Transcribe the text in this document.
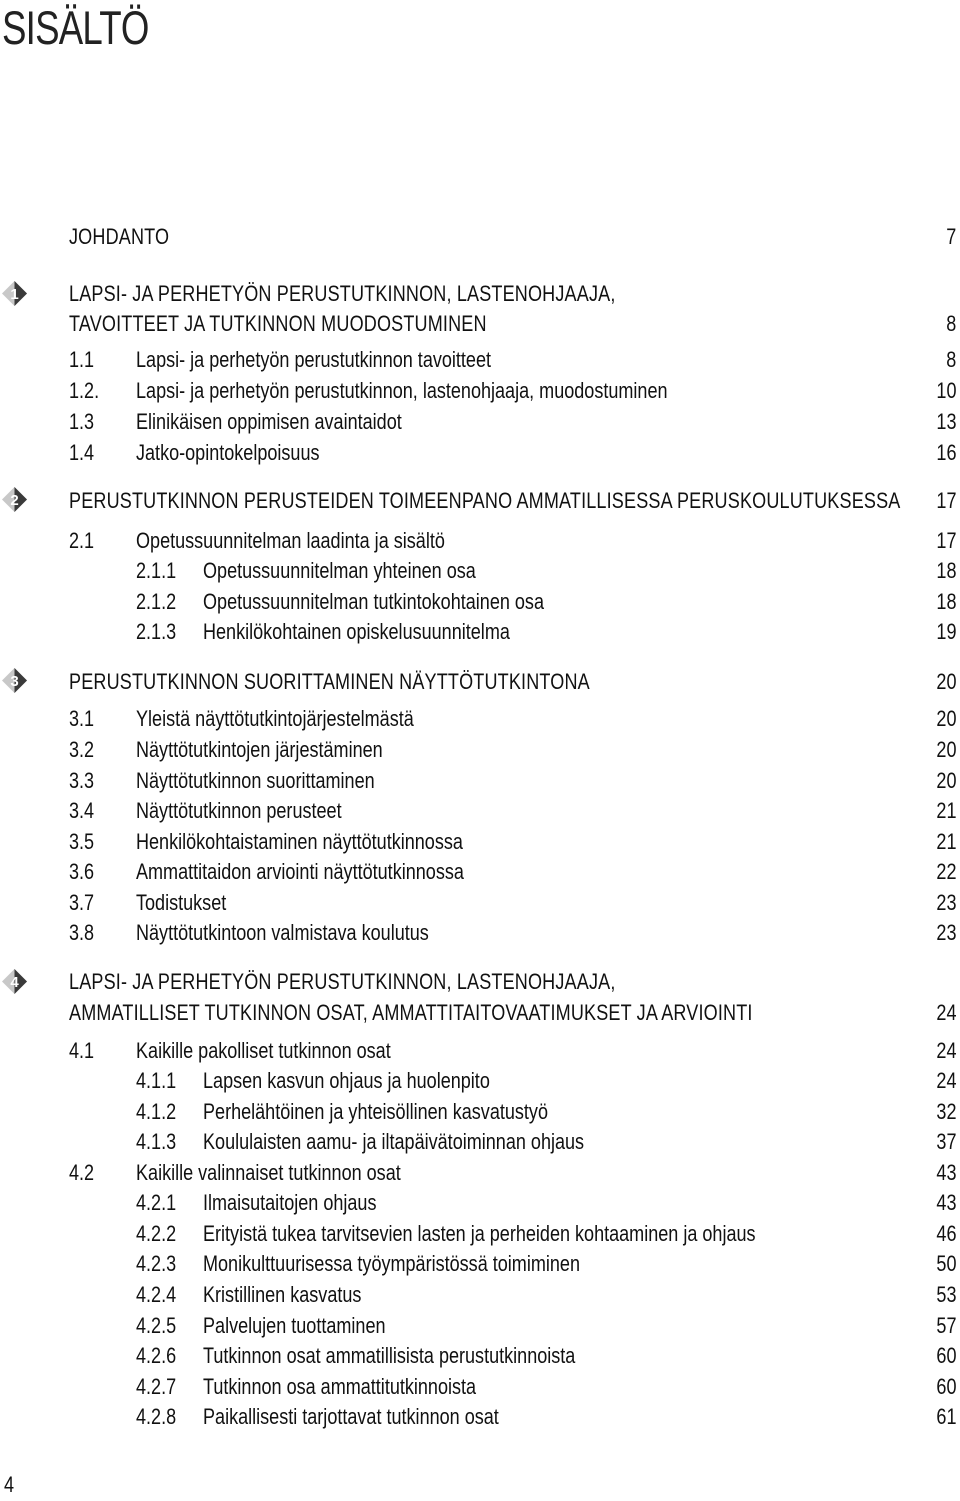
SISÄLTÖ
JOHDANTO	7
1 LAPSI- JA PERHETYÖN PERUSTUTKINNON, LASTENOHJAAJA,
TAVOITTEET JA TUTKINNON MUODOSTUMINEN	8
1.1 Lapsi- ja perhetyön perustutkinnon tavoitteet	8
1.2. Lapsi- ja perhetyön perustutkinnon, lastenohjaaja, muodostuminen	10
1.3 Elinikäisen oppimisen avaintaidot	13
1.4 Jatko-opintokelpoisuus	16
2 PERUSTUTKINNON PERUSTEIDEN TOIMEENPANO AMMATILLISESSA PERUSKOULUTUKSESSA 17
2.1 Opetussuunnitelman laadinta ja sisältö	17
2.1.1 Opetussuunnitelman yhteinen osa	18
2.1.2 Opetussuunnitelman tutkintokohtainen osa	18
2.1.3 Henkilökohtainen opiskelusuunnitelma	19
3 PERUSTUTKINNON SUORITTAMINEN NÄYTTÖTUTKINTONA	20
3.1 Yleistä näyttötutkintojärjestelmästä	20
3.2 Näyttötutkintojen järjestäminen	20
3.3 Näyttötutkinnon suorittaminen	20
3.4 Näyttötutkinnon perusteet	21
3.5 Henkilökohtaistaminen näyttötutkinnossa	21
3.6 Ammattitaidon arviointi näyttötutkinnossa	22
3.7 Todistukset	23
3.8 Näyttötutkintoon valmistava koulutus	23
4 LAPSI- JA PERHETYÖN PERUSTUTKINNON, LASTENOHJAAJA,
AMMATILLISET TUTKINNON OSAT, AMMATTITAITOVAATIMUKSET JA ARVIOINTI	24
4.1 Kaikille pakolliset tutkinnon osat	24
4.1.1 Lapsen kasvun ohjaus ja huolenpito	24
4.1.2 Perhelähtöinen ja yhteisöllinen kasvatustyö	32
4.1.3 Koululaisten aamu- ja iltapäivätoiminnan ohjaus	37
4.2 Kaikille valinnaiset tutkinnon osat	43
4.2.1 Ilmaisutaitojen ohjaus	43
4.2.2 Erityistä tukea tarvitsevien lasten ja perheiden kohtaaminen ja ohjaus	46
4.2.3 Monikulttuurisessa työympäristössä toimiminen	50
4.2.4 Kristillinen kasvatus	53
4.2.5 Palvelujen tuottaminen	57
4.2.6 Tutkinnon osat ammatillisista perustutkinnoista	60
4.2.7 Tutkinnon osa ammattitutkinnoista	60
4.2.8 Paikallisesti tarjottavat tutkinnon osat	61
4
